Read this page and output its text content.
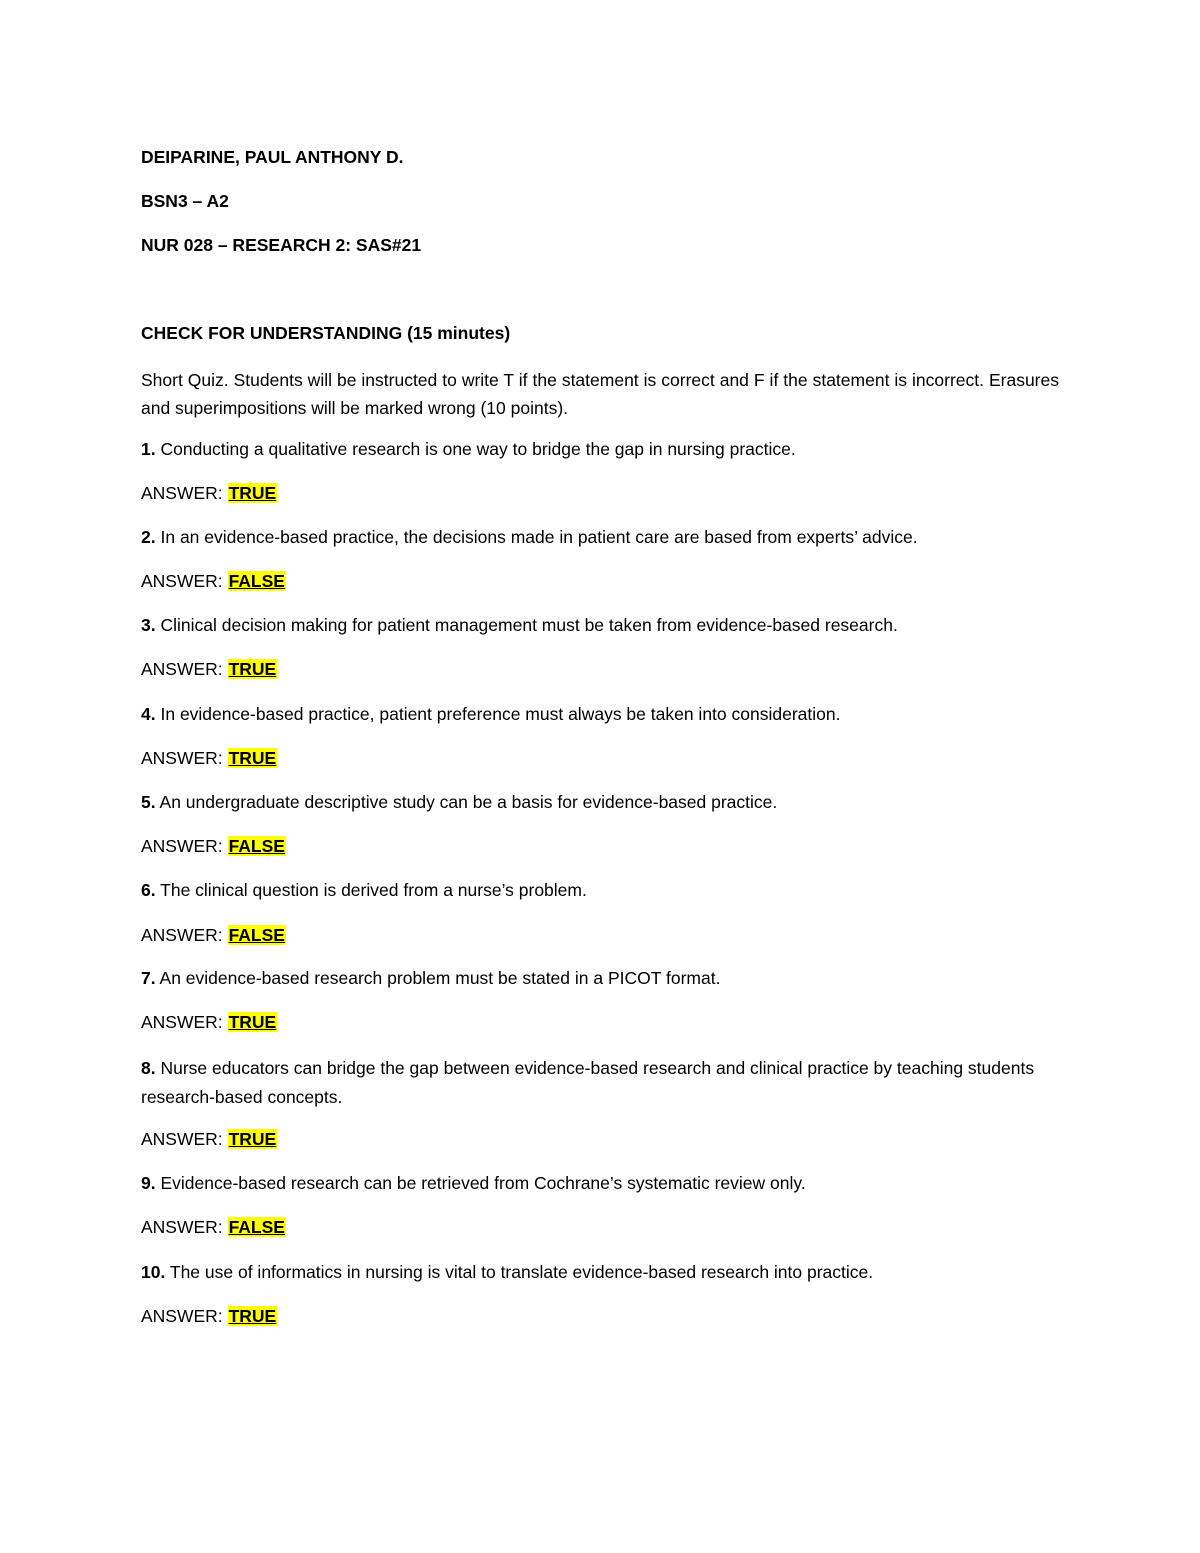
DEIPARINE, PAUL ANTHONY D.
BSN3 – A2
NUR 028 – RESEARCH 2: SAS#21
CHECK FOR UNDERSTANDING (15 minutes)
Short Quiz. Students will be instructed to write T if the statement is correct and F if the statement is incorrect. Erasures and superimpositions will be marked wrong (10 points).
1. Conducting a qualitative research is one way to bridge the gap in nursing practice.
ANSWER: TRUE
2. In an evidence-based practice, the decisions made in patient care are based from experts’ advice.
ANSWER: FALSE
3. Clinical decision making for patient management must be taken from evidence-based research.
ANSWER: TRUE
4. In evidence-based practice, patient preference must always be taken into consideration.
ANSWER: TRUE
5. An undergraduate descriptive study can be a basis for evidence-based practice.
ANSWER: FALSE
6. The clinical question is derived from a nurse’s problem.
ANSWER: FALSE
7. An evidence-based research problem must be stated in a PICOT format.
ANSWER: TRUE
8. Nurse educators can bridge the gap between evidence-based research and clinical practice by teaching students research-based concepts.
ANSWER: TRUE
9. Evidence-based research can be retrieved from Cochrane’s systematic review only.
ANSWER: FALSE
10. The use of informatics in nursing is vital to translate evidence-based research into practice.
ANSWER: TRUE
